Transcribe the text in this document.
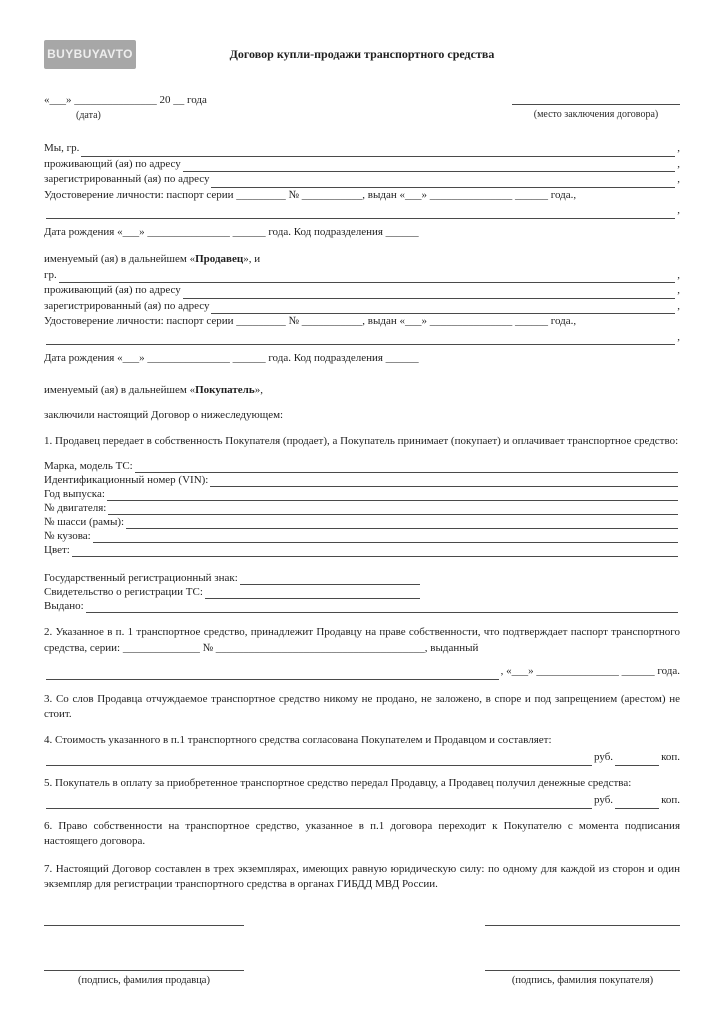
BUYBUYAVTO	Договор купли-продажи транспортного средства
«___» _______________ 20 __ года
(дата)	(место заключения договора)
Мы, гр.	,
проживающий (ая) по адресу	,
зарегистрированный (ая) по адресу	,

Удостоверение личности: паспорт серии _________ № ___________, выдан «___» _______________ ______ года.,

,

Дата рождения «___» _______________ ______ года. Код подразделения ______

именуемый (ая) в дальнейшем «Продавец», и

гр.	,
проживающий (ая) по адресу	,
зарегистрированный (ая) по адресу	,

Удостоверение личности: паспорт серии _________ № ___________, выдан «___» _______________ ______ года.,

,

Дата рождения «___» _______________ ______ года. Код подразделения ______

именуемый (ая) в дальнейшем «Покупатель»,

заключили настоящий Договор о нижеследующем:

1. Продавец передает в собственность Покупателя (продает), а Покупатель принимает (покупает) и оплачивает транспортное средство:

Марка, модель ТС:
Идентификационный номер (VIN):
Год выпуска:
№ двигателя:
№ шасси (рамы):
№ кузова:
Цвет:
Государственный регистрационный знак:
Свидетельство о регистрации ТС:
Выдано:

2. Указанное в п. 1 транспортное средство, принадлежит Продавцу на праве собственности, что подтверждает паспорт транспортного средства, серии: ______________ № ______________________________________, выданный

, «___» _______________ ______ года.

3. Со слов Продавца отчуждаемое транспортное средство никому не продано, не заложено, в споре и под запрещением (арестом) не стоит.

4. Стоимость указанного в п.1 транспортного средства согласована Покупателем и Продавцом и составляет:

руб.	коп.

5. Покупатель в оплату за приобретенное транспортное средство передал Продавцу, а Продавец получил денежные средства:

руб.	коп.

6. Право собственности на транспортное средство, указанное в п.1 договора переходит к Покупателю с момента подписания настоящего договора.

7. Настоящий Договор составлен в трех экземплярах, имеющих равную юридическую силу: по одному для каждой из сторон и один экземпляр для регистрации транспортного средства в органах ГИБДД МВД России.

(подпись, фамилия продавца)	(подпись, фамилия покупателя)
